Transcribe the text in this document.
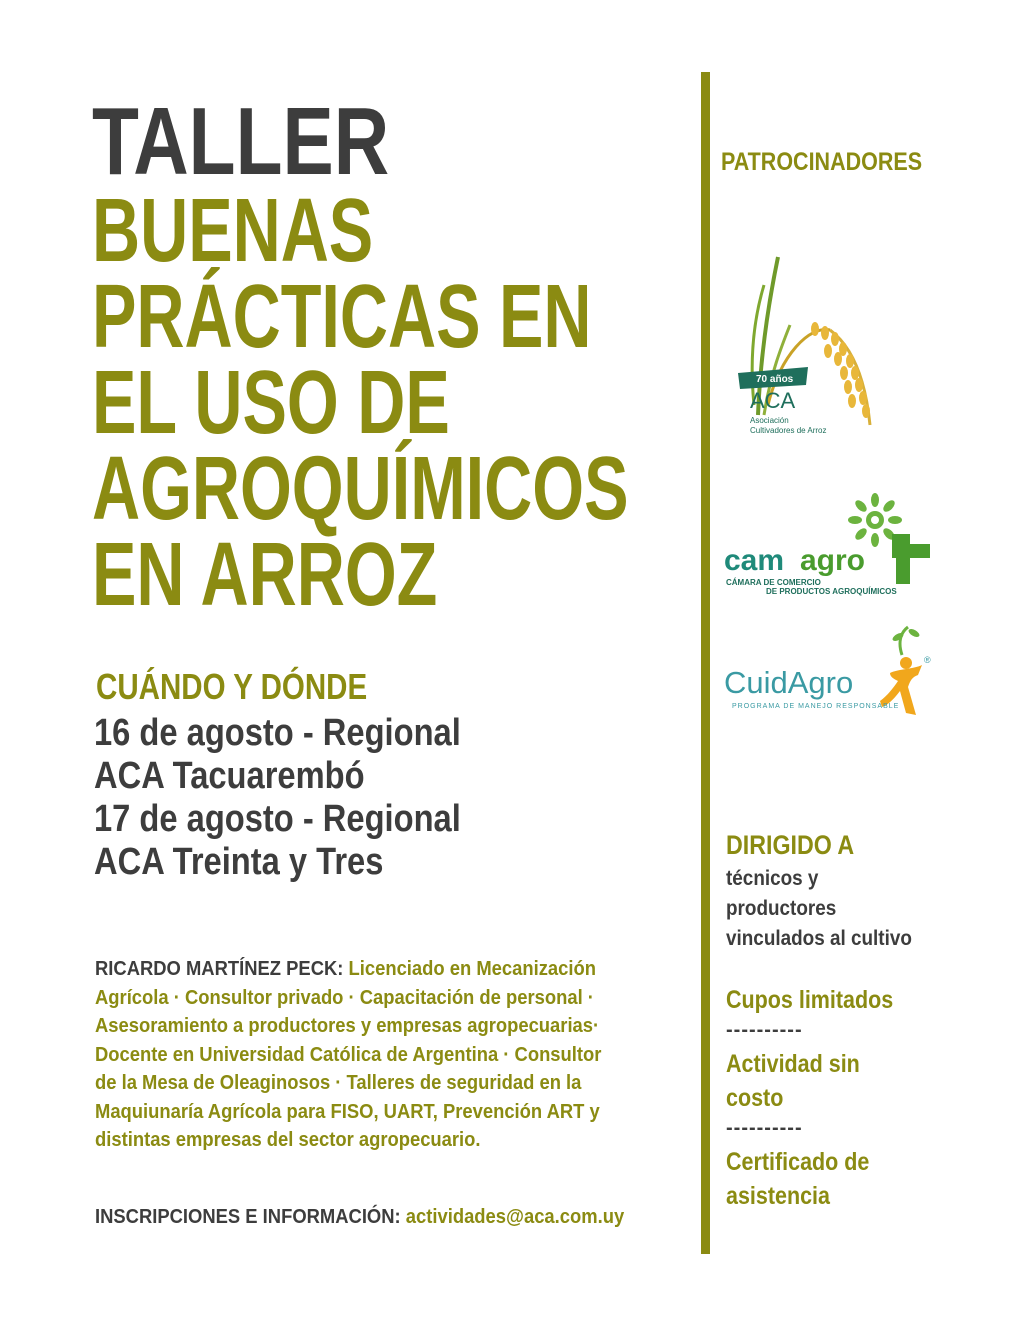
TALLER
BUENAS
PRÁCTICAS EN
EL USO DE
AGROQUÍMICOS
EN ARROZ
CUÁNDO Y DÓNDE
16 de agosto - Regional
ACA Tacuarembó
17 de agosto - Regional
ACA Treinta y Tres
RICARDO MARTÍNEZ PECK: Licenciado en Mecanización Agrícola · Consultor privado · Capacitación de personal · Asesoramiento a productores y empresas agropecuarias· Docente en Universidad Católica de Argentina · Consultor de la Mesa de Oleaginosos · Talleres de seguridad en la Maquiunaría Agrícola para FISO, UART, Prevención ART y distintas empresas del sector agropecuario.
INSCRIPCIONES E INFORMACIÓN: actividades@aca.com.uy
PATROCINADORES
70 años
ACA
Asociación
Cultivadores de Arroz
cam agro
CÁMARA DE COMERCIO
DE PRODUCTOS AGROQUÍMICOS
®
CuidAgro
PROGRAMA DE MANEJO RESPONSABLE
DIRIGIDO A
técnicos y
productores
vinculados al cultivo
Cupos limitados
----------
Actividad sin
costo
----------
Certificado de
asistencia
